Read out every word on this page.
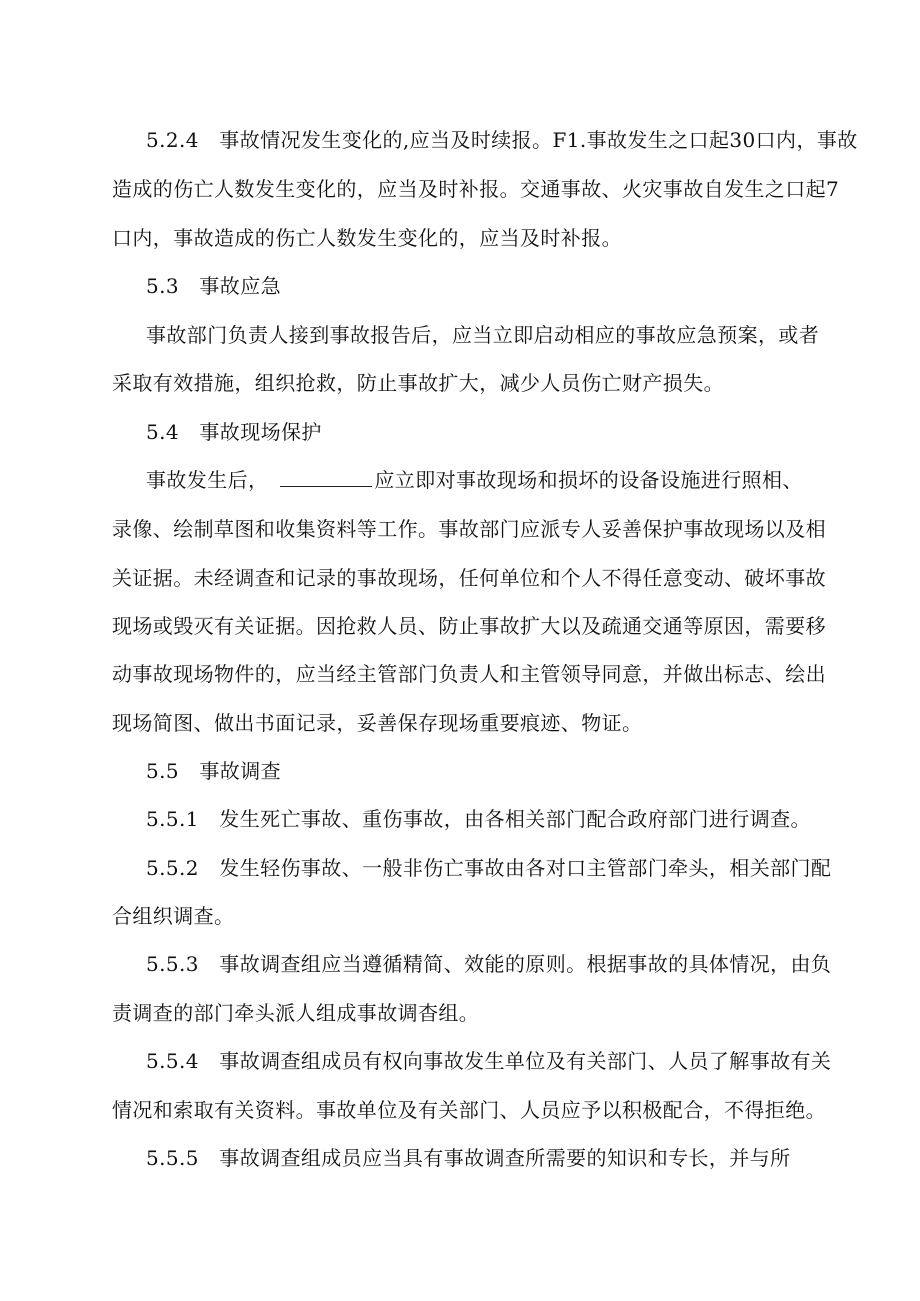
5.2.4　事故情况发生变化的,应当及时续报。F1.事故发生之口起30口内，事故
造成的伤亡人数发生变化的，应当及时补报。交通事故、火灾事故自发生之口起7
口内，事故造成的伤亡人数发生变化的，应当及时补报。
5.3　事故应急
事故部门负责人接到事故报告后，应当立即启动相应的事故应急预案，或者
采取有效措施，组织抢救，防止事故扩大，减少人员伤亡财产损失。
5.4　事故现场保护
事故发生后，	应立即对事故现场和损坏的设备设施进行照相、
录像、绘制草图和收集资料等工作。事故部门应派专人妥善保护事故现场以及相
关证据。未经调查和记录的事故现场，任何单位和个人不得任意变动、破坏事故
现场或毁灭有关证据。因抢救人员、防止事故扩大以及疏通交通等原因，需要移
动事故现场物件的，应当经主管部门负责人和主管领导同意，并做出标志、绘出
现场简图、做出书面记录，妥善保存现场重要痕迹、物证。
5.5　事故调查
5.5.1　发生死亡事故、重伤事故，由各相关部门配合政府部门进行调查。
5.5.2　发生轻伤事故、一般非伤亡事故由各对口主管部门牵头，相关部门配
合组织调查。
5.5.3　事故调查组应当遵循精简、效能的原则。根据事故的具体情况，由负
责调查的部门牵头派人组成事故调杳组。
5.5.4　事故调查组成员有权向事故发生单位及有关部门、人员了解事故有关
情况和索取有关资料。事故单位及有关部门、人员应予以积极配合，不得拒绝。
5.5.5　事故调查组成员应当具有事故调查所需要的知识和专长，并与所
